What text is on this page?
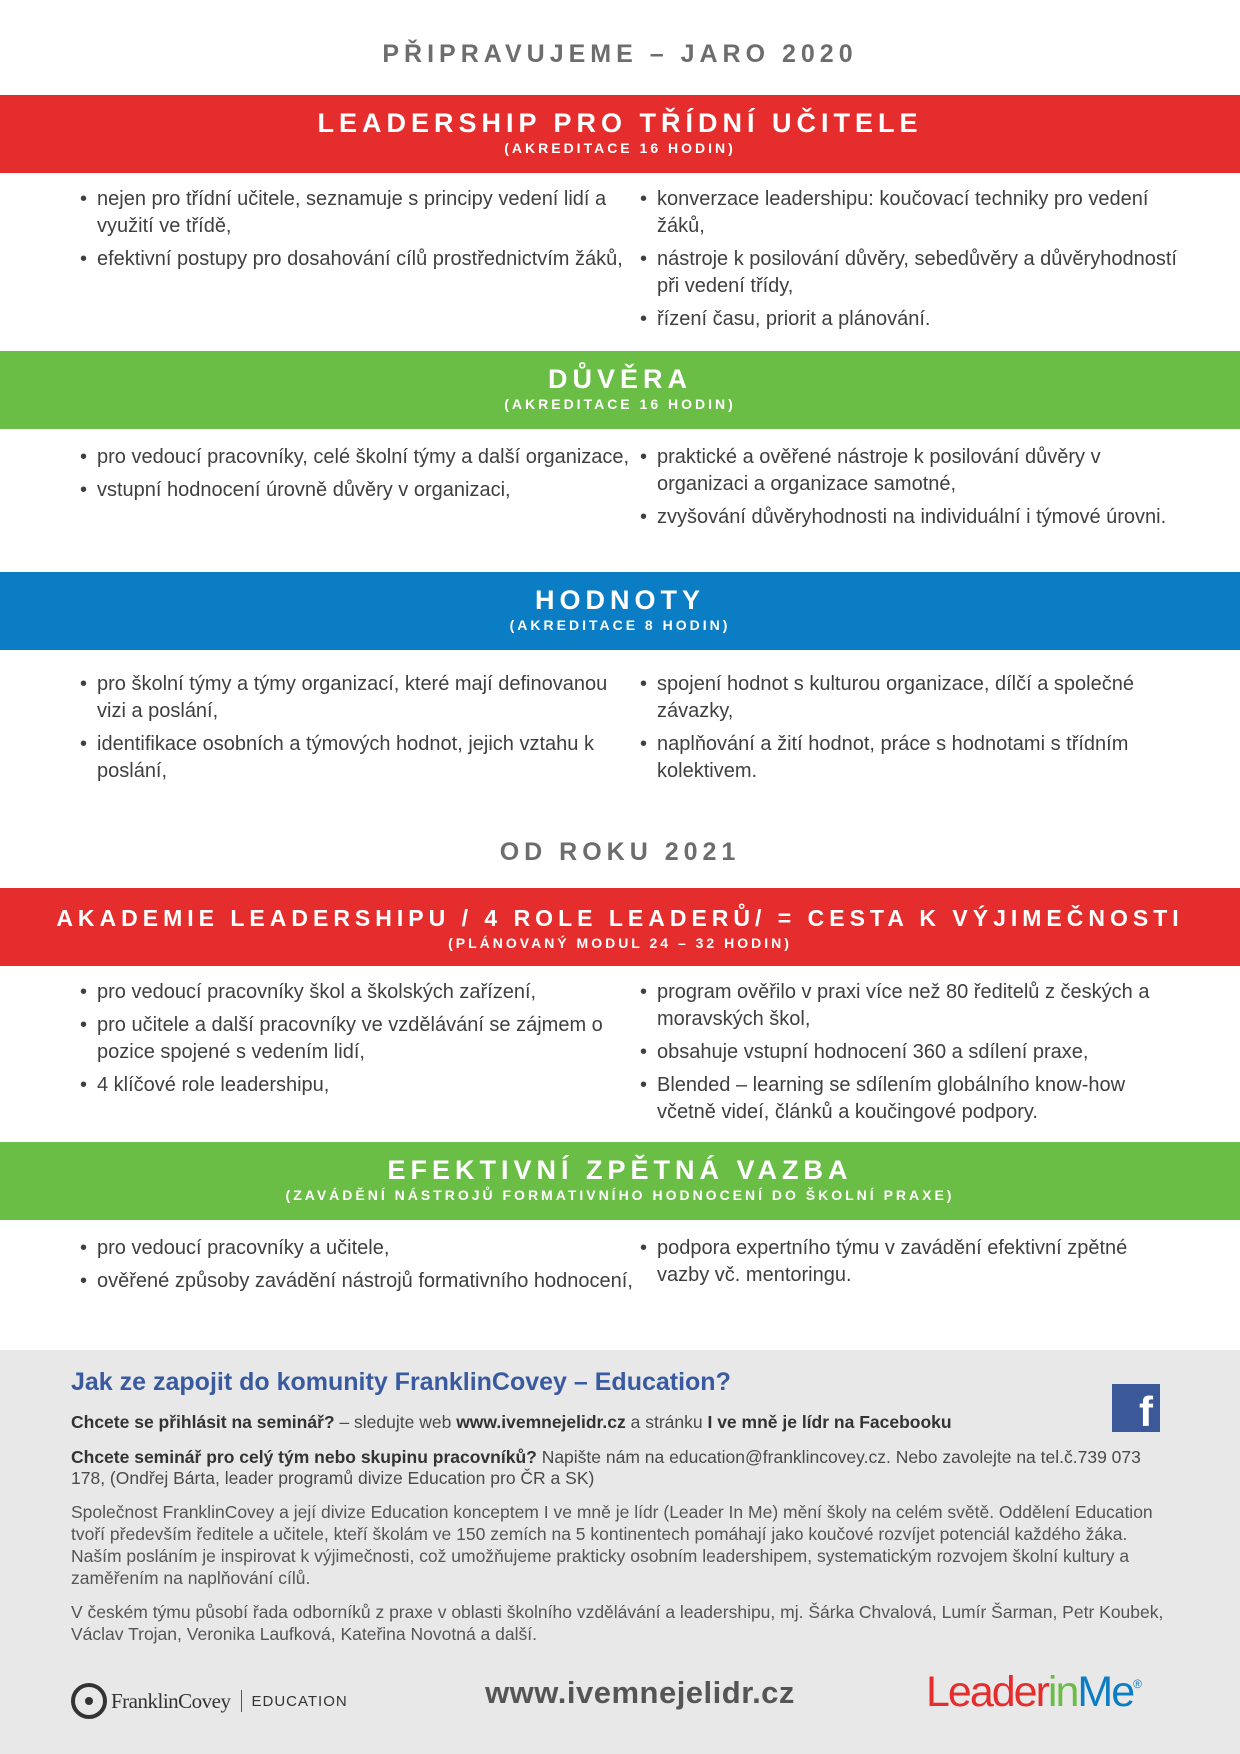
PŘIPRAVUJEME – JARO 2020
LEADERSHIP PRO TŘÍDNÍ UČITELE
(AKREDITACE 16 HODIN)
• nejen pro třídní učitele, seznamuje s principy vedení lidí a využití ve třídě,
• efektivní postupy pro dosahování cílů prostřednictvím žáků,
• konverzace leadershipu: koučovací techniky pro vedení žáků,
• nástroje k posilování důvěry, sebedůvěry a důvěryhodností při vedení třídy,
• řízení času, priorit a plánování.
DŮVĚRA
(AKREDITACE 16 HODIN)
• pro vedoucí pracovníky, celé školní týmy a další organizace,
• vstupní hodnocení úrovně důvěry v organizaci,
• praktické a ověřené nástroje k posilování důvěry v organizaci a organizace samotné,
• zvyšování důvěryhodnosti na individuální i týmové úrovni.
HODNOTY
(AKREDITACE 8 HODIN)
• pro školní týmy a týmy organizací, které mají definovanou vizi a poslání,
• identifikace osobních a týmových hodnot, jejich vztahu k poslání,
• spojení hodnot s kulturou organizace, dílčí a společné závazky,
• naplňování a žití hodnot, práce s hodnotami s třídním kolektivem.
OD ROKU 2021
AKADEMIE LEADERSHIPU / 4 ROLE LEADERŮ/ = CESTA K VÝJIMEČNOSTI
(PLÁNOVANÝ MODUL 24 – 32 HODIN)
• pro vedoucí pracovníky škol a školských zařízení,
• pro učitele a další pracovníky ve vzdělávání se zájmem o pozice spojené s vedením lidí,
• 4 klíčové role leadershipu,
• program ověřilo v praxi více než 80 ředitelů z českých a moravských škol,
• obsahuje vstupní hodnocení 360 a sdílení praxe,
• Blended – learning se sdílením globálního know-how včetně videí, článků a koučingové podpory.
EFEKTIVNÍ ZPĚTNÁ VAZBA
(ZAVÁDĚNÍ NÁSTROJŮ FORMATIVNÍHO HODNOCENÍ DO ŠKOLNÍ PRAXE)
• pro vedoucí pracovníky a učitele,
• ověřené způsoby zavádění nástrojů formativního hodnocení,
• podpora expertního týmu v zavádění efektivní zpětné vazby vč. mentoringu.
Jak ze zapojit do komunity FranklinCovey – Education?
Chcete se přihlásit na seminář? – sledujte web www.ivemnejelidr.cz a stránku I ve mně je lídr na Facebooku
Chcete seminář pro celý tým nebo skupinu pracovníků? Napište nám na education@franklincovey.cz. Nebo zavolejte na tel.č.739 073 178, (Ondřej Bárta, leader programů divize Education pro ČR a SK)

Společnost FranklinCovey a její divize Education konceptem I ve mně je lídr (Leader In Me) mění školy na celém světě. Oddělení Education tvoří především ředitele a učitele, kteří školám ve 150 zemích na 5 kontinentech pomáhají jako koučové rozvíjet potenciál každého žáka. Naším posláním je inspirovat k výjimečnosti, což umožňujeme prakticky osobním leadershipem, systematickým rozvojem školní kultury a zaměřením na naplňování cílů.

V českém týmu působí řada odborníků z praxe v oblasti školního vzdělávání a leadershipu, mj. Šárka Chvalová, Lumír Šarman, Petr Koubek, Václav Trojan, Veronika Laufková, Kateřina Novotná a další.

f
FranklinCovey EDUCATION	www.ivemnejelidr.cz	LeaderinMe®
